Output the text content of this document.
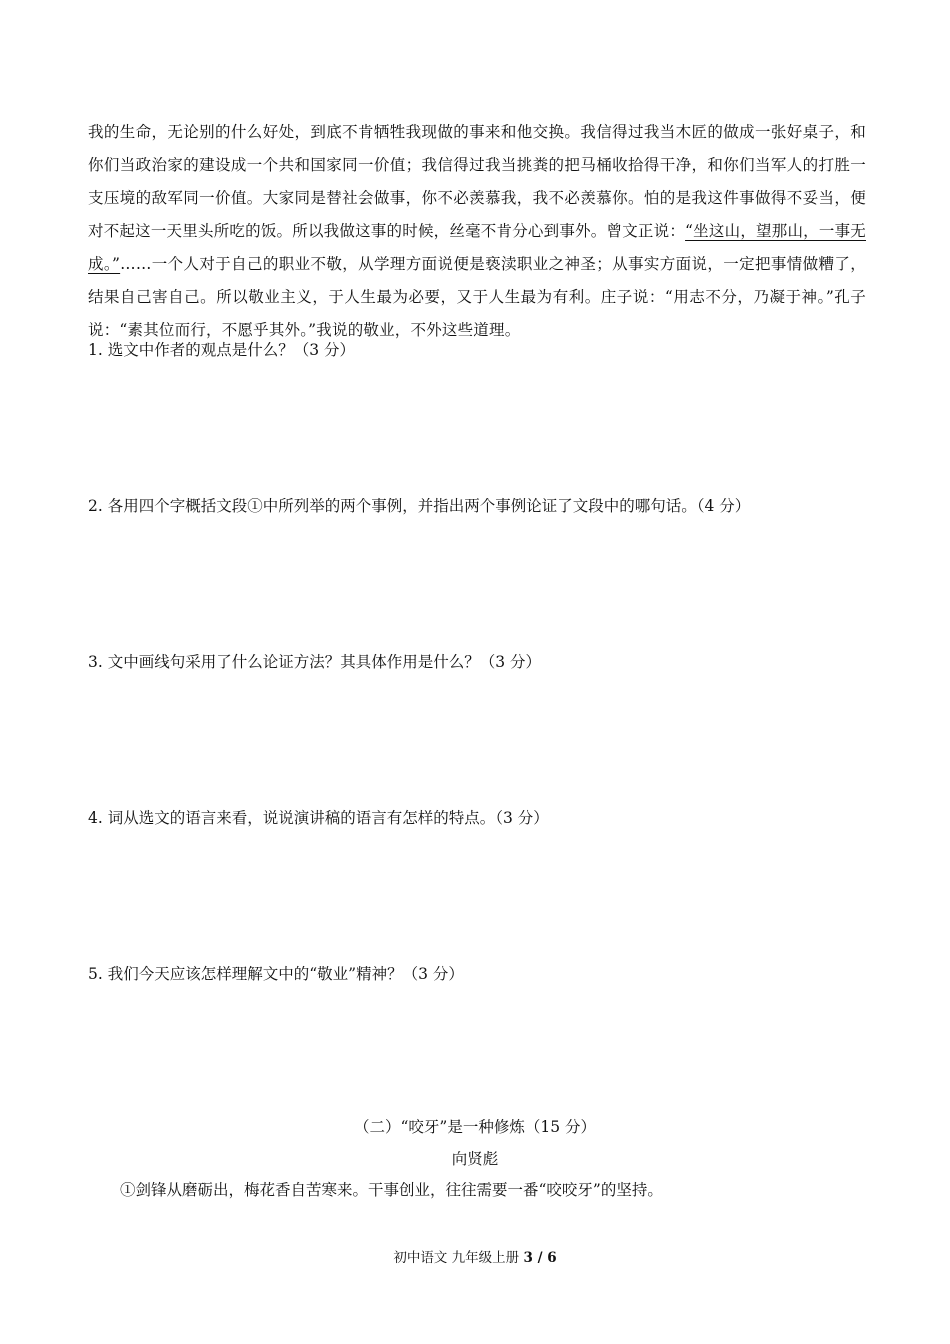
我的生命，无论别的什么好处，到底不肯牺牲我现做的事来和他交换。我信得过我当木匠的做成一张好桌子，和你们当政治家的建设成一个共和国家同一价值；我信得过我当挑粪的把马桶收拾得干净，和你们当军人的打胜一支压境的敌军同一价值。大家同是替社会做事，你不必羡慕我，我不必羡慕你。怕的是我这件事做得不妥当，便对不起这一天里头所吃的饭。所以我做这事的时候，丝毫不肯分心到事外。曾文正说：“坐这山，望那山，一事无成。”……一个人对于自己的职业不敬，从学理方面说便是亵渎职业之神圣；从事实方面说，一定把事情做糟了，结果自己害自己。所以敬业主义，于人生最为必要，又于人生最为有利。庄子说：“用志不分，乃凝于神。”孔子说：“素其位而行，不愿乎其外。”我说的敬业，不外这些道理。

1. 选文中作者的观点是什么？（3 分）
2. 各用四个字概括文段①中所列举的两个事例，并指出两个事例论证了文段中的哪句话。（4 分）
3. 文中画线句采用了什么论证方法？其具体作用是什么？（3 分）
4. 词从选文的语言来看，说说演讲稿的语言有怎样的特点。（3 分）
5. 我们今天应该怎样理解文中的“敬业”精神？（3 分）
（二）“咬牙”是一种修炼（15 分）
向贤彪
①剑锋从磨砺出，梅花香自苦寒来。干事创业，往往需要一番“咬咬牙”的坚持。
初中语文 九年级上册 3 / 6
